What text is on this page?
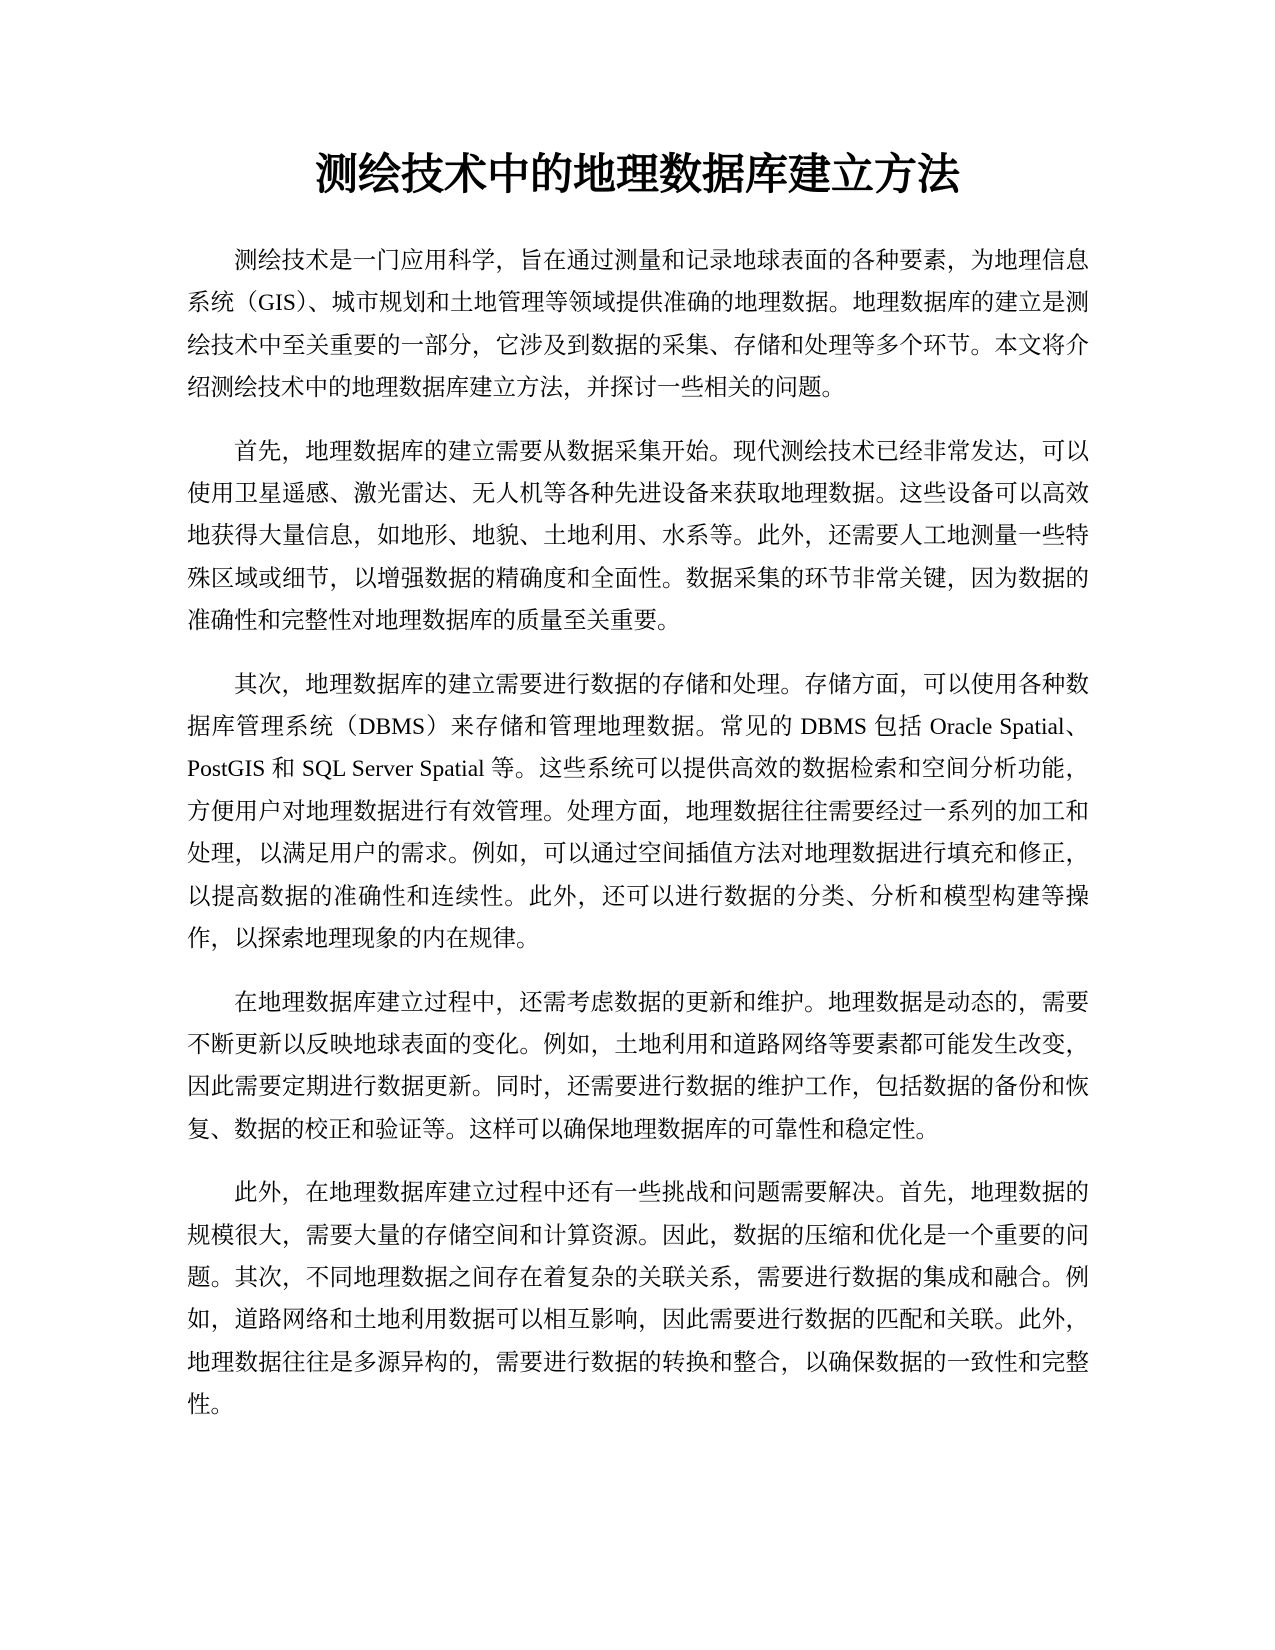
测绘技术中的地理数据库建立方法

测绘技术是一门应用科学，旨在通过测量和记录地球表面的各种要素，为地理信息系统（GIS）、城市规划和土地管理等领域提供准确的地理数据。地理数据库的建立是测绘技术中至关重要的一部分，它涉及到数据的采集、存储和处理等多个环节。本文将介绍测绘技术中的地理数据库建立方法，并探讨一些相关的问题。

首先，地理数据库的建立需要从数据采集开始。现代测绘技术已经非常发达，可以使用卫星遥感、激光雷达、无人机等各种先进设备来获取地理数据。这些设备可以高效地获得大量信息，如地形、地貌、土地利用、水系等。此外，还需要人工地测量一些特殊区域或细节，以增强数据的精确度和全面性。数据采集的环节非常关键，因为数据的准确性和完整性对地理数据库的质量至关重要。

其次，地理数据库的建立需要进行数据的存储和处理。存储方面，可以使用各种数据库管理系统（DBMS）来存储和管理地理数据。常见的 DBMS 包括 Oracle Spatial、PostGIS 和 SQL Server Spatial 等。这些系统可以提供高效的数据检索和空间分析功能，方便用户对地理数据进行有效管理。处理方面，地理数据往往需要经过一系列的加工和处理，以满足用户的需求。例如，可以通过空间插值方法对地理数据进行填充和修正，以提高数据的准确性和连续性。此外，还可以进行数据的分类、分析和模型构建等操作，以探索地理现象的内在规律。

在地理数据库建立过程中，还需考虑数据的更新和维护。地理数据是动态的，需要不断更新以反映地球表面的变化。例如，土地利用和道路网络等要素都可能发生改变，因此需要定期进行数据更新。同时，还需要进行数据的维护工作，包括数据的备份和恢复、数据的校正和验证等。这样可以确保地理数据库的可靠性和稳定性。

此外，在地理数据库建立过程中还有一些挑战和问题需要解决。首先，地理数据的规模很大，需要大量的存储空间和计算资源。因此，数据的压缩和优化是一个重要的问题。其次，不同地理数据之间存在着复杂的关联关系，需要进行数据的集成和融合。例如，道路网络和土地利用数据可以相互影响，因此需要进行数据的匹配和关联。此外，地理数据往往是多源异构的，需要进行数据的转换和整合，以确保数据的一致性和完整性。
